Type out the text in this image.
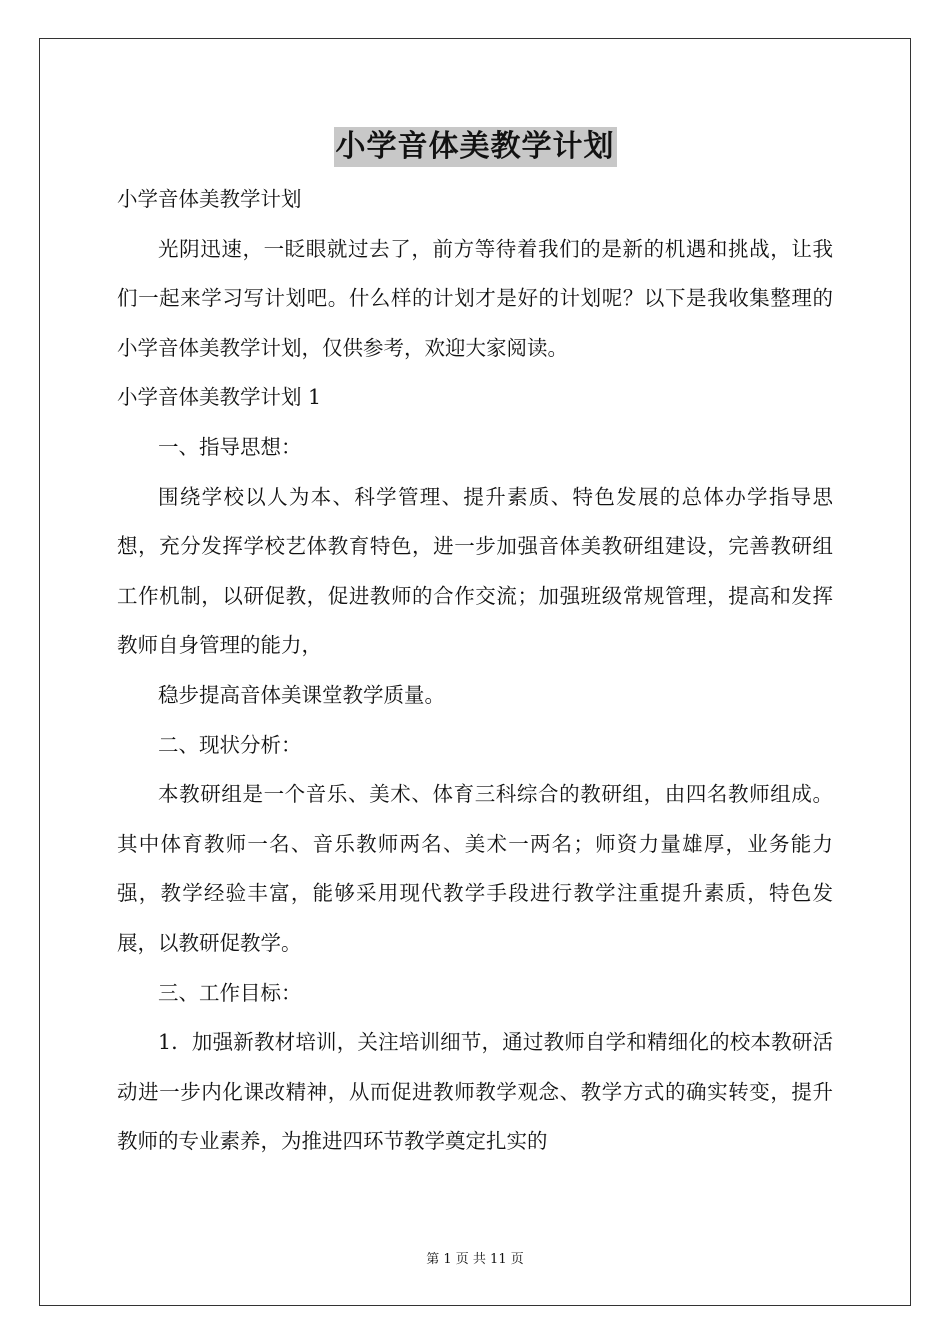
小学音体美教学计划

小学音体美教学计划

光阴迅速，一眨眼就过去了，前方等待着我们的是新的机遇和挑战，让我们一起来学习写计划吧。什么样的计划才是好的计划呢？以下是我收集整理的小学音体美教学计划，仅供参考，欢迎大家阅读。

小学音体美教学计划 1

一、指导思想：

围绕学校以人为本、科学管理、提升素质、特色发展的总体办学指导思想，充分发挥学校艺体教育特色，进一步加强音体美教研组建设，完善教研组工作机制，以研促教，促进教师的合作交流；加强班级常规管理，提高和发挥教师自身管理的能力，

稳步提高音体美课堂教学质量。

二、现状分析：

本教研组是一个音乐、美术、体育三科综合的教研组，由四名教师组成。其中体育教师一名、音乐教师两名、美术一两名；师资力量雄厚，业务能力强，教学经验丰富，能够采用现代教学手段进行教学注重提升素质，特色发展，以教研促教学。

三、工作目标：

1．加强新教材培训，关注培训细节，通过教师自学和精细化的校本教研活动进一步内化课改精神，从而促进教师教学观念、教学方式的确实转变，提升教师的专业素养，为推进四环节教学奠定扎实的

第 1 页 共 11 页
